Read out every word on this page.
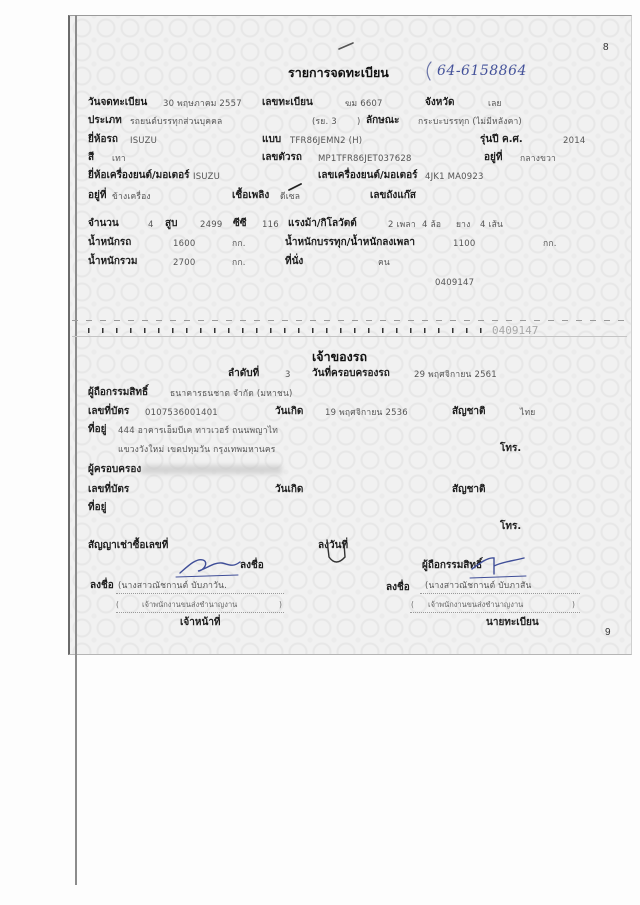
8
9
รายการจดทะเบียน	64-6158864
วันจดทะเบียน 30 พฤษภาคม 2557 เลขทะเบียน	ฆม 6607	จังหวัด	เลย
ประเภท รถยนต์บรรทุกส่วนบุคคล	(รย. 3 ) ลักษณะ กระบะบรรทุก (ไม่มีหลังคา)
ยี่ห้อรถ ISUZU	แบบ TFR86JEMN2 (H)	รุ่นปี ค.ศ.	2014
สี เทา	เลขตัวรถ MP1TFR86JET037628	อยู่ที่ กลางขวา
ยี่ห้อเครื่องยนต์/มอเตอร์ ISUZU	เลขเครื่องยนต์/มอเตอร์ 4JK1 MA0923
อยู่ที่ ข้างเครื่อง	เชื้อเพลิง ดีเซล	เลขถังแก๊ส
จำนวน	4 สูบ	2499 ซีซี 116 แรงม้า/กิโลวัตต์	2 เพลา 4 ล้อ ยาง 4 เส้น
น้ำหนักรถ	1600	กก.	น้ำหนักบรรทุก/น้ำหนักลงเพลา	1100	กก.
น้ำหนักรวม	2700	กก.	ที่นั่ง	คน
0409147
0409147
เจ้าของรถ
ลำดับที่	3 วันที่ครอบครองรถ	29 พฤศจิกายน 2561
ผู้ถือกรรมสิทธิ์	ธนาคารธนชาต จำกัด (มหาชน)
เลขที่บัตร 0107536001401	วันเกิด	19 พฤศจิกายน 2536	สัญชาติ	ไทย
ที่อยู่ 444 อาคารเอ็มบีเค ทาวเวอร์ ถนนพญาไท
แขวงวังใหม่ เขตปทุมวัน กรุงเทพมหานคร	โทร.
ผู้ครอบครอง
เลขที่บัตร	วันเกิด	สัญชาติ
ที่อยู่
โทร.
สัญญาเช่าซื้อเลขที่	ลงวันที่
ลงชื่อ	ผู้ถือกรรมสิทธิ์
ลงชื่อ (นางสาวณัชกานต์ บับภาวัน.
(	เจ้าพนักงานขนส่งชำนาญงาน	)
เจ้าหน้าที่
ลงชื่อ (นางสาวณัชกานต์ บับภาสัน
( เจ้าพนักงานขนส่งชำนาญงาน	)
นายทะเบียน
